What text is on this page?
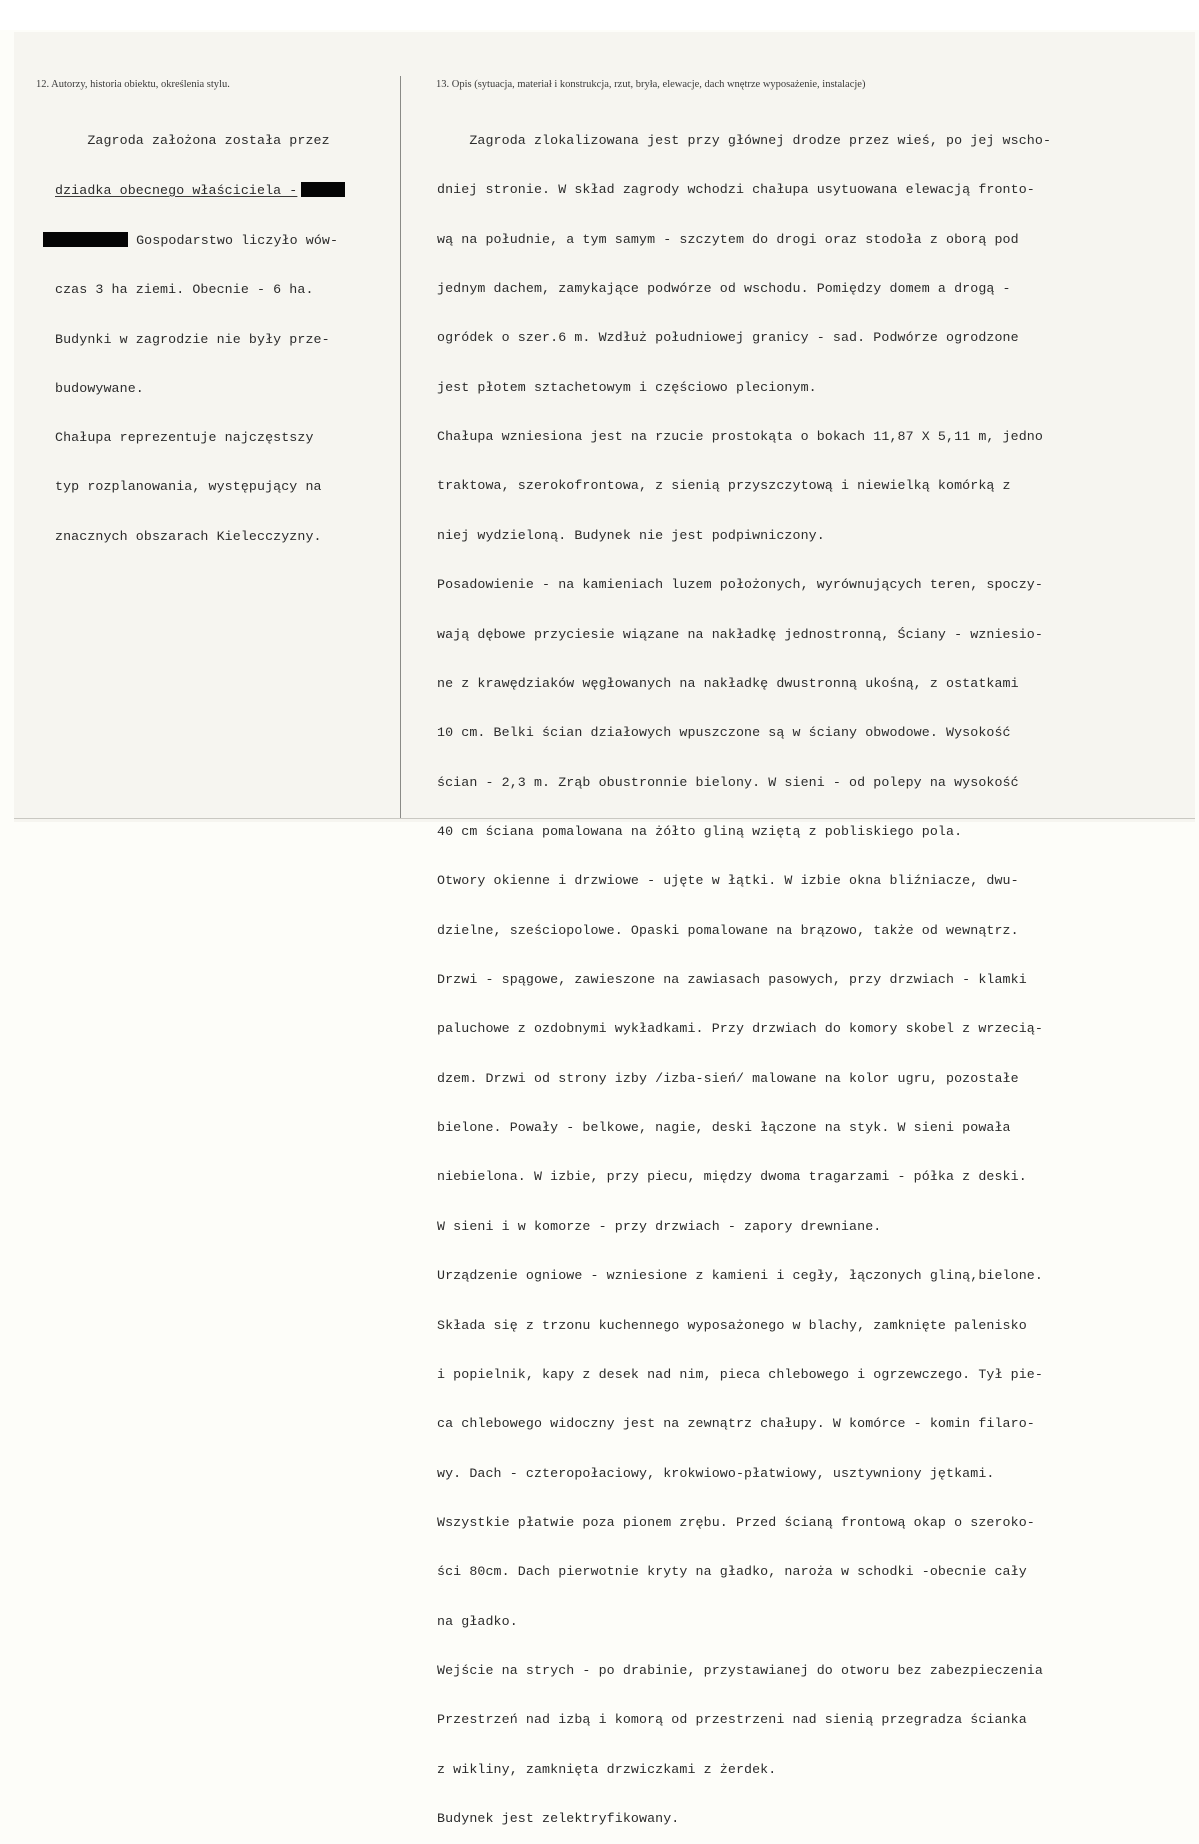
12. Autorzy, historia obiektu, określenia stylu.	13. Opis (sytuacja, materiał i konstrukcja, rzut, bryła, elewacje, dach wnętrze wyposażenie, instalacje)

Zagroda założona została przez

dziadka obecnego właściciela -

Gospodarstwo liczyło wów-

czas 3 ha ziemi. Obecnie - 6 ha.

Budynki w zagrodzie nie były prze-

budowywane.

Chałupa reprezentuje najczęstszy

typ rozplanowania, występujący na

znacznych obszarach Kielecczyzny.

Zagroda zlokalizowana jest przy głównej drodze przez wieś, po jej wscho-

dniej stronie. W skład zagrody wchodzi chałupa usytuowana elewacją fronto-

wą na południe, a tym samym - szczytem do drogi oraz stodoła z oborą pod

jednym dachem, zamykające podwórze od wschodu. Pomiędzy domem a drogą -

ogródek o szer.6 m. Wzdłuż południowej granicy - sad. Podwórze ogrodzone

jest płotem sztachetowym i częściowo plecionym.

Chałupa wzniesiona jest na rzucie prostokąta o bokach 11,87 X 5,11 m, jedno

traktowa, szerokofrontowa, z sienią przyszczytową i niewielką komórką z

niej wydzieloną. Budynek nie jest podpiwniczony.

Posadowienie - na kamieniach luzem położonych, wyrównujących teren, spoczy-

wają dębowe przyciesie wiązane na nakładkę jednostronną, Ściany - wzniesio-

ne z krawędziaków węgłowanych na nakładkę dwustronną ukośną, z ostatkami

10 cm. Belki ścian działowych wpuszczone są w ściany obwodowe. Wysokość

ścian - 2,3 m. Zrąb obustronnie bielony. W sieni - od polepy na wysokość

40 cm ściana pomalowana na żółto gliną wziętą z pobliskiego pola.

Otwory okienne i drzwiowe - ujęte w łątki. W izbie okna bliźniacze, dwu-

dzielne, sześciopolowe. Opaski pomalowane na brązowo, także od wewnątrz.

Drzwi - spągowe, zawieszone na zawiasach pasowych, przy drzwiach - klamki

paluchowe z ozdobnymi wykładkami. Przy drzwiach do komory skobel z wrzecią-

dzem. Drzwi od strony izby /izba-sień/ malowane na kolor ugru, pozostałe

bielone. Powały - belkowe, nagie, deski łączone na styk. W sieni powała

niebielona. W izbie, przy piecu, między dwoma tragarzami - półka z deski.

W sieni i w komorze - przy drzwiach - zapory drewniane.

Urządzenie ogniowe - wzniesione z kamieni i cegły, łączonych gliną,bielone.

Składa się z trzonu kuchennego wyposażonego w blachy, zamknięte palenisko

i popielnik, kapy z desek nad nim, pieca chlebowego i ogrzewczego. Tył pie-

ca chlebowego widoczny jest na zewnątrz chałupy. W komórce - komin filaro-

wy. Dach - czteropołaciowy, krokwiowo-płatwiowy, usztywniony jętkami.

Wszystkie płatwie poza pionem zrębu. Przed ścianą frontową okap o szeroko-

ści 80cm. Dach pierwotnie kryty na gładko, naroża w schodki -obecnie cały

na gładko.

Wejście na strych - po drabinie, przystawianej do otworu bez zabezpieczenia

Przestrzeń nad izbą i komorą od przestrzeni nad sienią przegradza ścianka

z wikliny, zamknięta drzwiczkami z żerdek.

Budynek jest zelektryfikowany.
